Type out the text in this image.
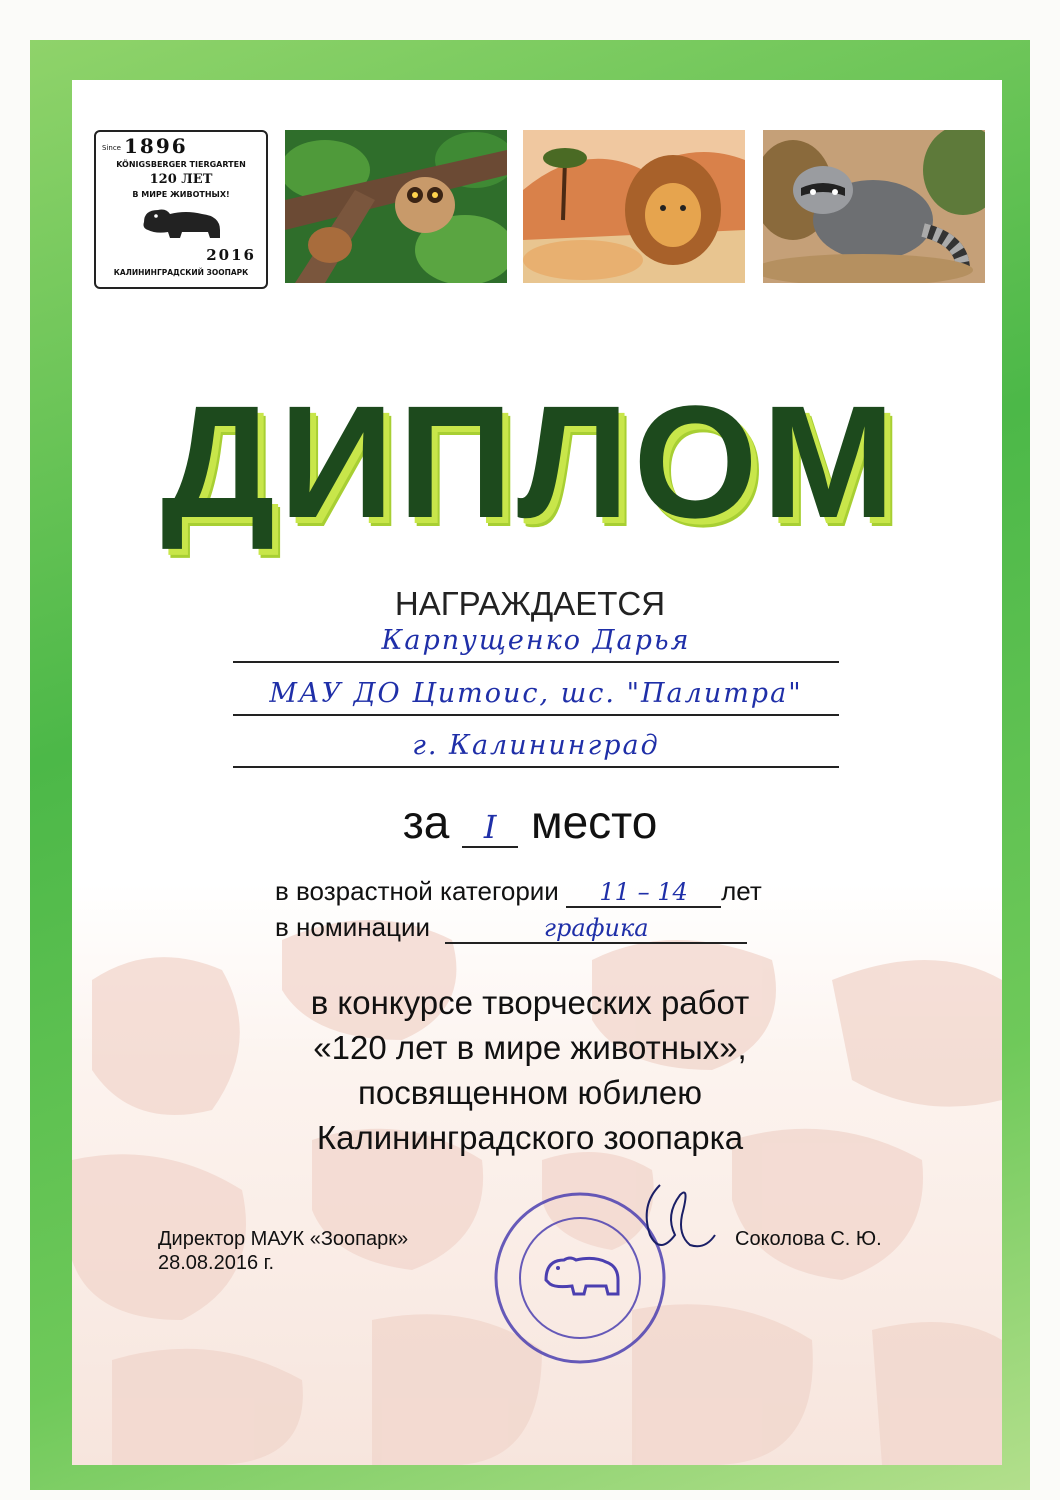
Since 1896
KÖNIGSBERGER TIERGARTEN
120 ЛЕТ
В МИРЕ ЖИВОТНЫХ!
2016
КАЛИНИНГРАДСКИЙ ЗООПАРК
ДИПЛОМ
НАГРАЖДАЕТСЯ
Карпущенко Дарья
МАУ ДО Цитоис, шс. "Палитра"
г. Калининград
за I место
в возрастной категории 11 – 14 лет
в номинации	графика
в конкурсе творческих работ
«120 лет в мире животных»,
посвященном юбилею
Калининградского зоопарка
Директор МАУК «Зоопарк»
28.08.2016 г.
Соколова С. Ю.
